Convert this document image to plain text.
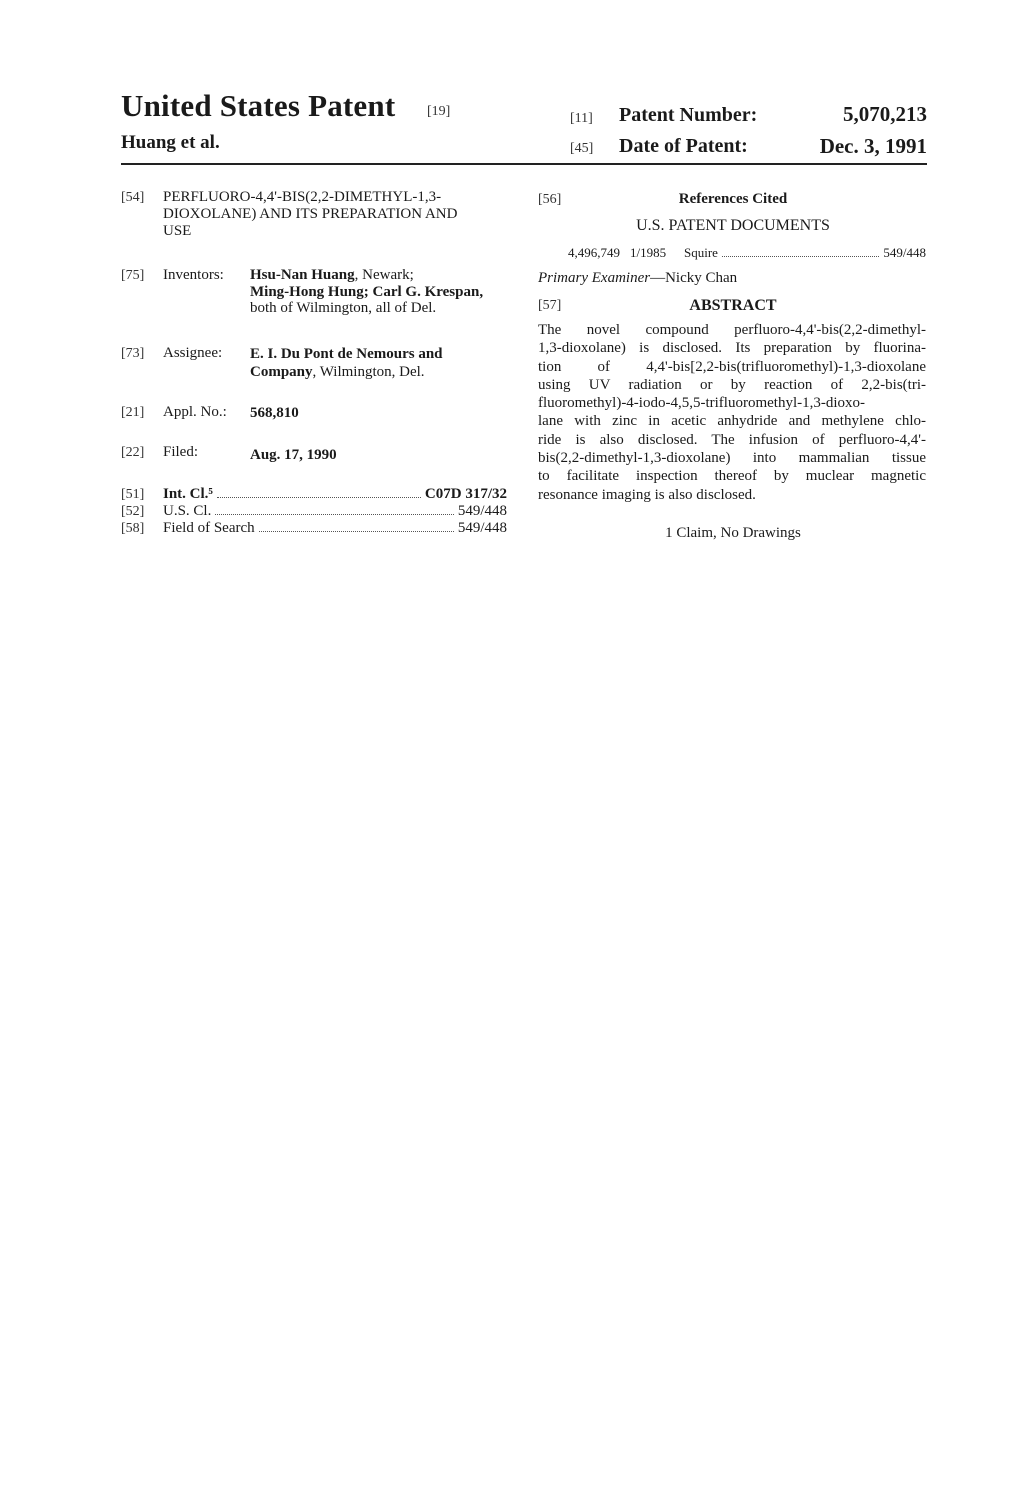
United States Patent [19]
Huang et al.
[11] Patent Number:	5,070,213
[45] Date of Patent:	Dec. 3, 1991
[54] PERFLUORO-4,4'-BIS(2,2-DIMETHYL-1,3-
DIOXOLANE) AND ITS PREPARATION AND
USE
[75] Inventors: Hsu-Nan Huang, Newark;
Ming-Hong Hung; Carl G. Krespan,
both of Wilmington, all of Del.
[73] Assignee: E. I. Du Pont de Nemours and
Company, Wilmington, Del.
[21] Appl. No.: 568,810
[22] Filed:	Aug. 17, 1990
[51]	Int. Cl.⁵	C07D 317/32
[52]	U.S. Cl.	549/448
[58]	Field of Search	549/448
[56]	References Cited
U.S. PATENT DOCUMENTS
4,496,749 1/1985	Squire	549/448
Primary Examiner—Nicky Chan
[57]	ABSTRACT
The novel compound perfluoro-4,4'-bis(2,2-dimethyl-
1,3-dioxolane) is disclosed. Its preparation by fluorina-
tion of 4,4'-bis[2,2-bis(trifluoromethyl)-1,3-dioxolane
using UV radiation or by reaction of 2,2-bis(tri-
fluoromethyl)-4-iodo-4,5,5-trifluoromethyl-1,3-dioxo-
lane with zinc in acetic anhydride and methylene chlo-
ride is also disclosed. The infusion of perfluoro-4,4'-
bis(2,2-dimethyl-1,3-dioxolane) into mammalian tissue
to facilitate inspection thereof by muclear magnetic
resonance imaging is also disclosed.
1 Claim, No Drawings
